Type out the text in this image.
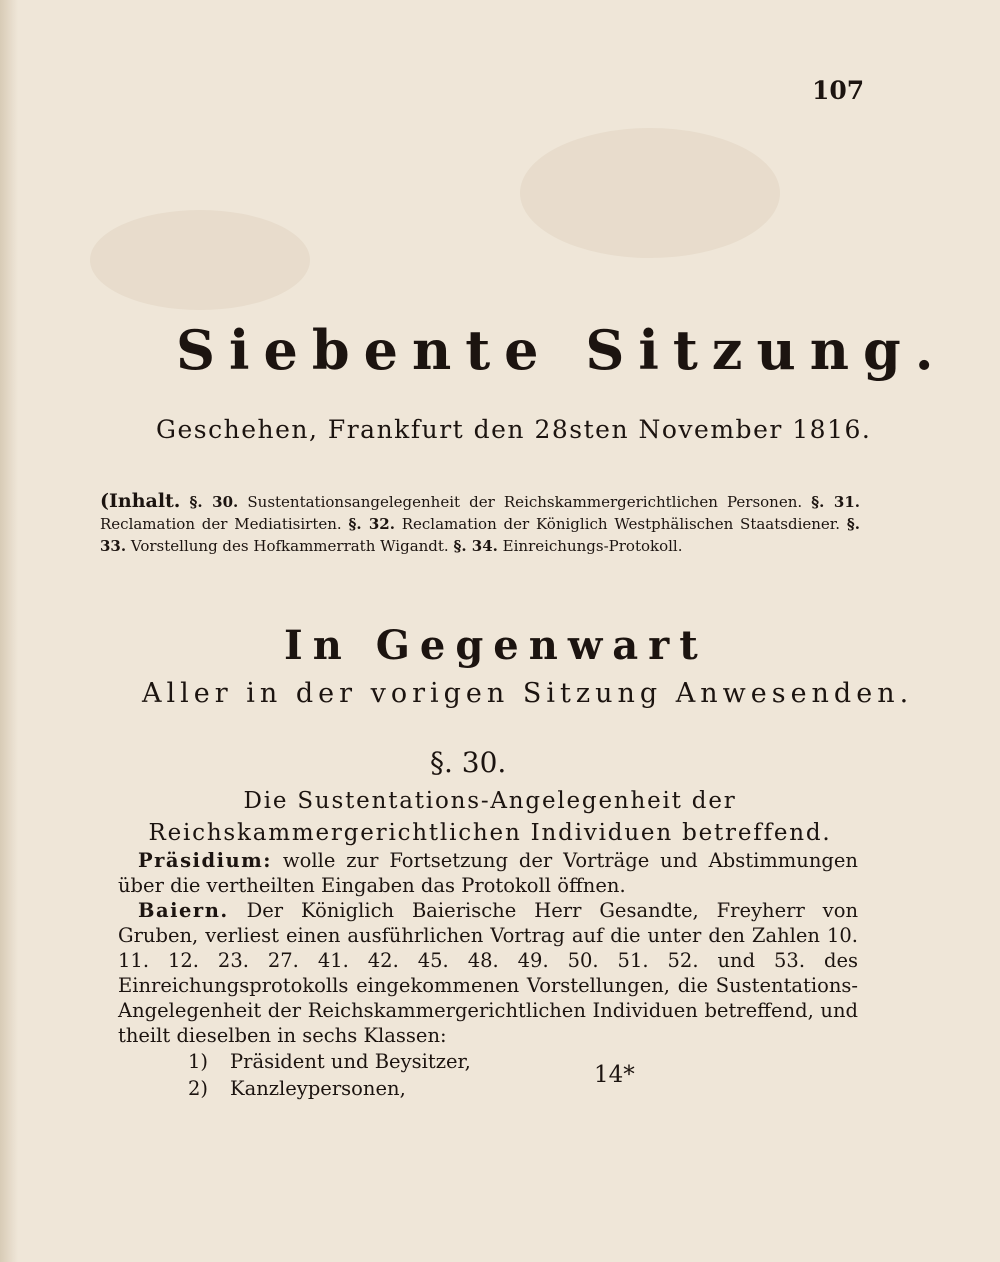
107
Siebente Sitzung.
Geschehen, Frankfurt den 28sten November 1816.
(Inhalt. §. 30. Sustentationsangelegenheit der Reichskammergerichtlichen Personen. §. 31. Reclamation der Mediatisirten. §. 32. Reclamation der Königlich Westphälischen Staatsdiener. §. 33. Vorstellung des Hofkammerrath Wigandt. §. 34. Einreichungs-Protokoll.
In Gegenwart
Aller in der vorigen Sitzung Anwesenden.
§. 30.
Die Sustentations-Angelegenheit der Reichskammergerichtlichen Individuen betreffend.

Präsidium: wolle zur Fortsetzung der Vorträge und Abstimmungen über die vertheilten Eingaben das Protokoll öffnen.

Baiern. Der Königlich Baierische Herr Gesandte, Freyherr von Gruben, verliest einen ausführlichen Vortrag auf die unter den Zahlen 10. 11. 12. 23. 27. 41. 42. 45. 48. 49. 50. 51. 52. und 53. des Einreichungsprotokolls eingekommenen Vorstellungen, die Sustentations-Angelegenheit der Reichskammergerichtlichen Individuen betreffend, und theilt dieselben in sechs Klassen:

1) Präsident und Beysitzer,
2) Kanzleypersonen,
14*
